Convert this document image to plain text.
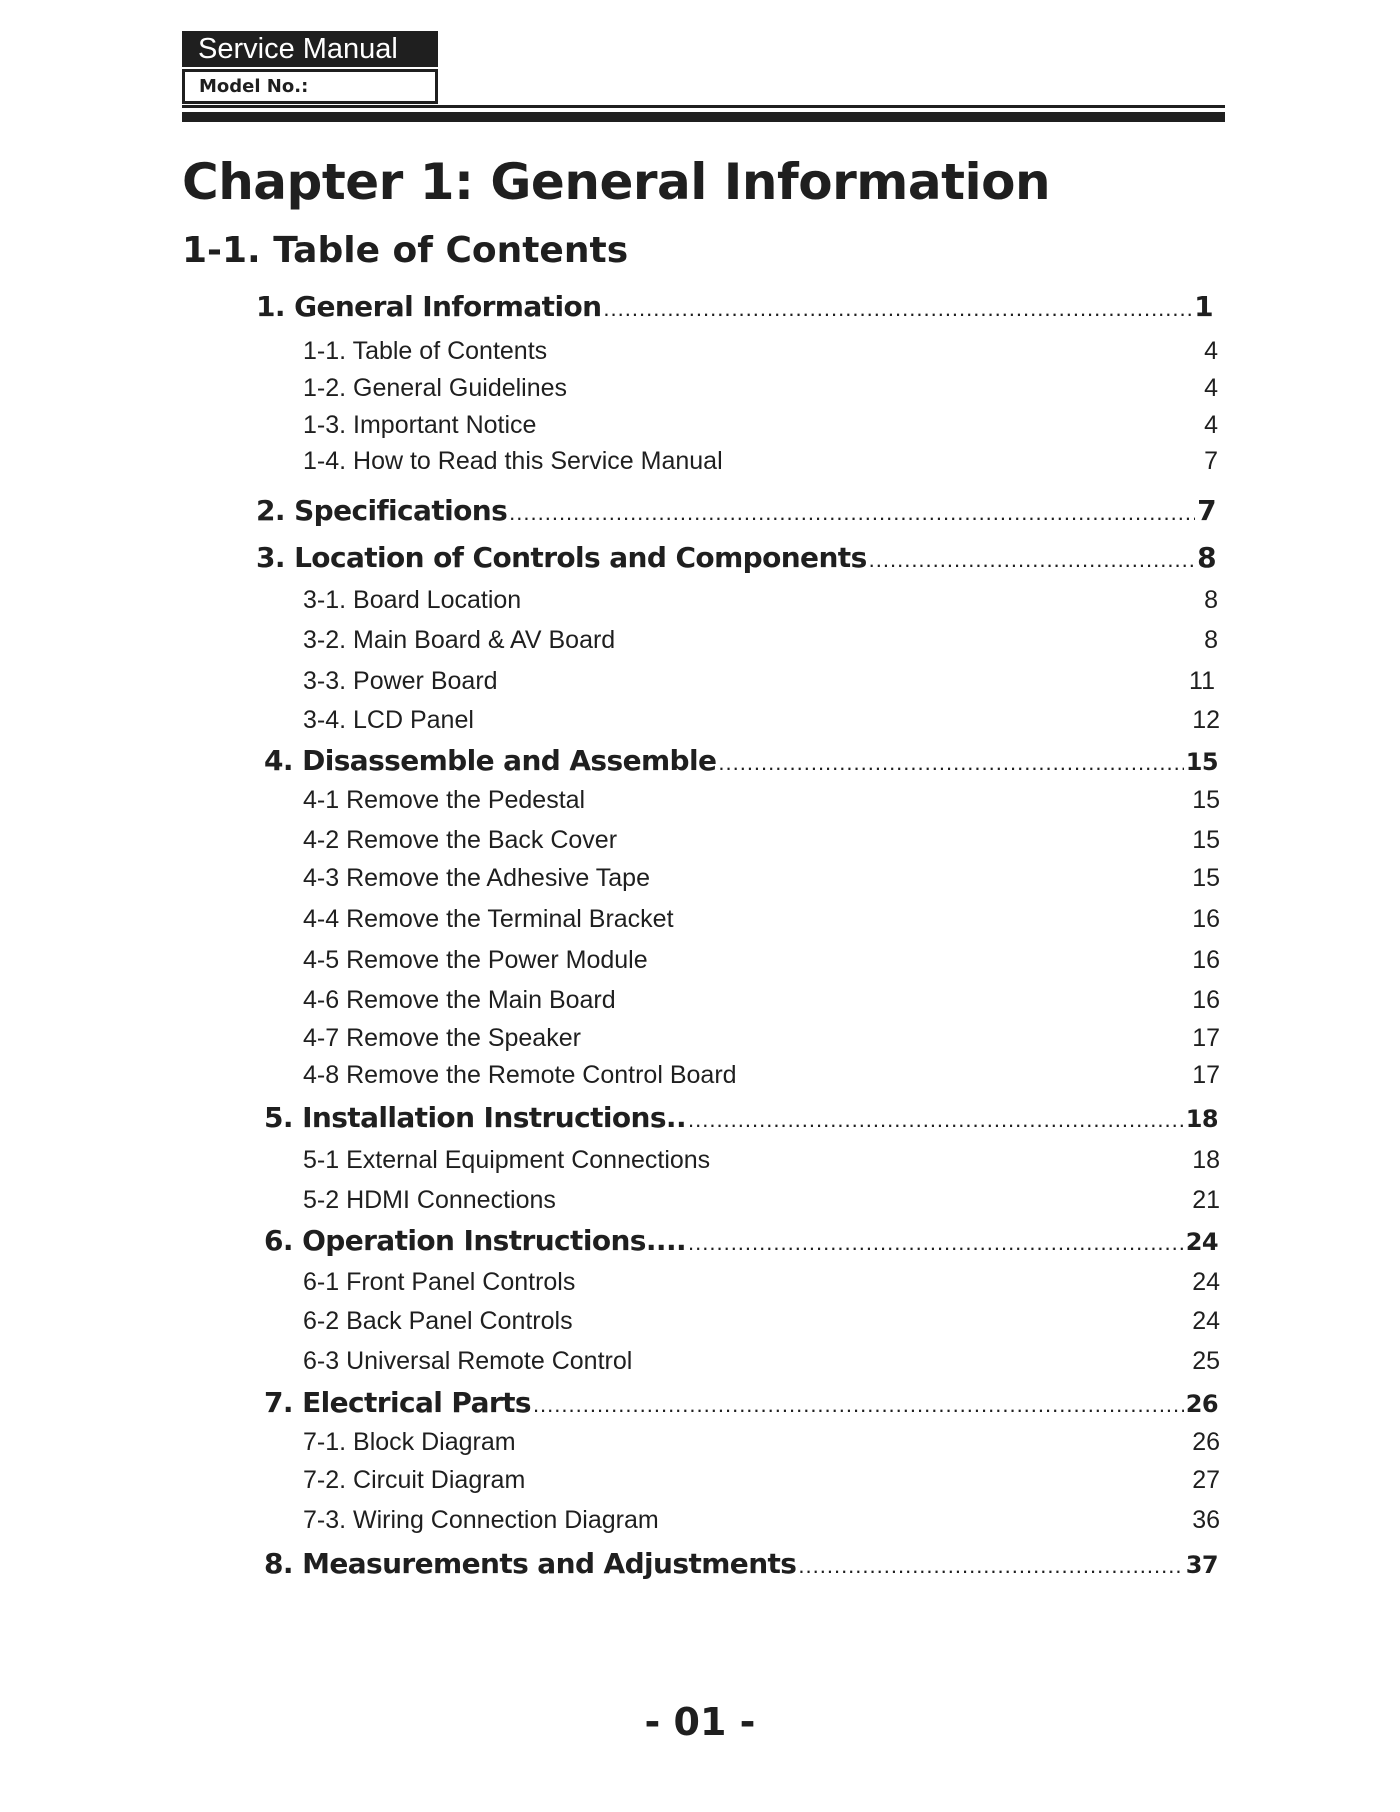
Service Manual
Model No.:
Chapter 1: General Information
1-1. Table of Contents
1. General Information .....	1
1-1. Table of Contents	4
1-2. General Guidelines	4
1-3. Important Notice	4
1-4. How to Read this Service Manual	7
2. Specifications .....	7
3. Location of Controls and Components .....	8
3-1. Board Location	8
3-2. Main Board & AV Board	8
3-3. Power Board	11
3-4. LCD Panel	12
4. Disassemble and Assemble .....	15
4-1 Remove the Pedestal	15
4-2 Remove the Back Cover	15
4-3 Remove the Adhesive Tape	15
4-4 Remove the Terminal Bracket	16
4-5 Remove the Power Module	16
4-6 Remove the Main Board	16
4-7 Remove the Speaker	17
4-8 Remove the Remote Control Board	17
5. Installation Instructions.. .....	18
5-1 External Equipment Connections	18
5-2 HDMI Connections	21
6. Operation Instructions.... .....	24
6-1 Front Panel Controls	24
6-2 Back Panel Controls	24
6-3 Universal Remote Control	25
7. Electrical Parts .....	26
7-1. Block Diagram	26
7-2. Circuit Diagram	27
7-3. Wiring Connection Diagram	36
8. Measurements and Adjustments .....	37
- 01 -
